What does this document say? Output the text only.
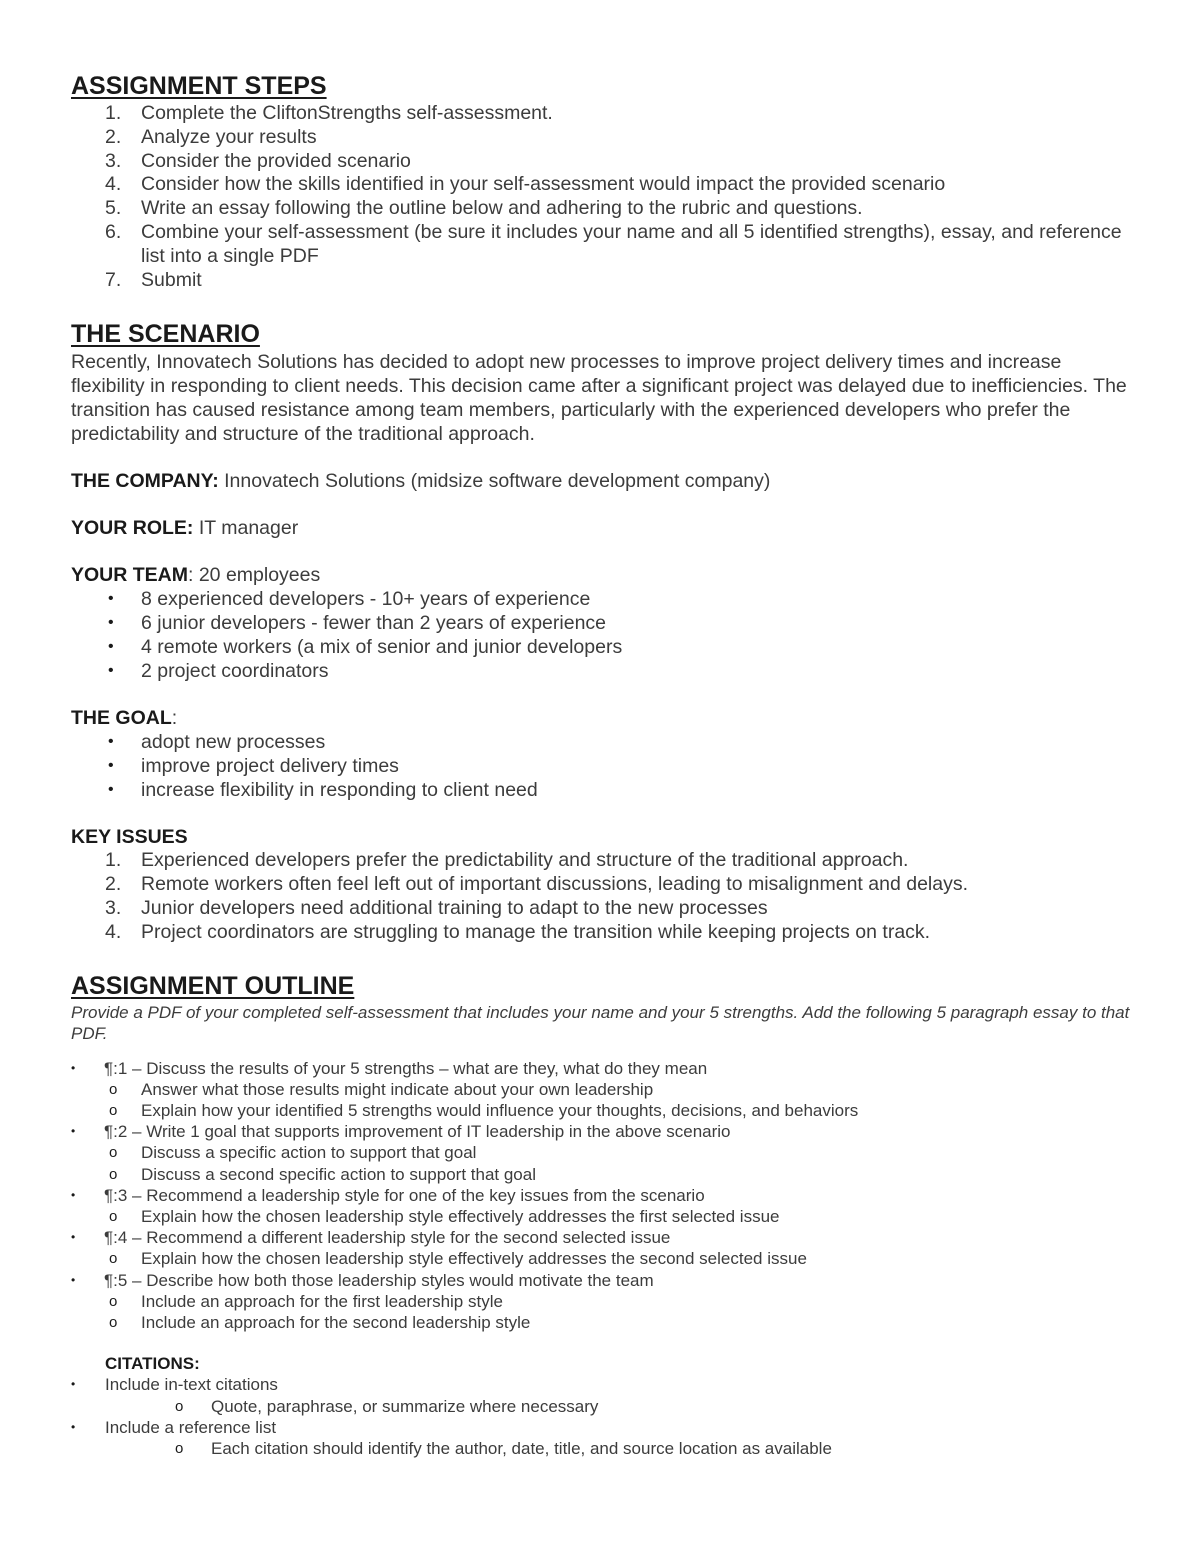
ASSIGNMENT STEPS
1. Complete the CliftonStrengths self-assessment.
2. Analyze your results
3. Consider the provided scenario
4. Consider how the skills identified in your self-assessment would impact the provided scenario
5. Write an essay following the outline below and adhering to the rubric and questions.
6. Combine your self-assessment (be sure it includes your name and all 5 identified strengths), essay, and reference list into a single PDF
7. Submit
THE SCENARIO

Recently, Innovatech Solutions has decided to adopt new processes to improve project delivery times and increase flexibility in responding to client needs. This decision came after a significant project was delayed due to inefficiencies. The transition has caused resistance among team members, particularly with the experienced developers who prefer the predictability and structure of the traditional approach.

THE COMPANY: Innovatech Solutions (midsize software development company)

YOUR ROLE: IT manager

YOUR TEAM: 20 employees

• 8 experienced developers - 10+ years of experience
• 6 junior developers - fewer than 2 years of experience
• 4 remote workers (a mix of senior and junior developers
• 2 project coordinators

THE GOAL:

• adopt new processes
• improve project delivery times
• increase flexibility in responding to client need

KEY ISSUES

1. Experienced developers prefer the predictability and structure of the traditional approach.
2. Remote workers often feel left out of important discussions, leading to misalignment and delays.
3. Junior developers need additional training to adapt to the new processes
4. Project coordinators are struggling to manage the transition while keeping projects on track.
ASSIGNMENT OUTLINE

Provide a PDF of your completed self-assessment that includes your name and your 5 strengths. Add the following 5 paragraph essay to that PDF.

• ¶:1 – Discuss the results of your 5 strengths – what are they, what do they mean
o Answer what those results might indicate about your own leadership
o Explain how your identified 5 strengths would influence your thoughts, decisions, and behaviors
• ¶:2 – Write 1 goal that supports improvement of IT leadership in the above scenario
o Discuss a specific action to support that goal
o Discuss a second specific action to support that goal
• ¶:3 – Recommend a leadership style for one of the key issues from the scenario
o Explain how the chosen leadership style effectively addresses the first selected issue
• ¶:4 – Recommend a different leadership style for the second selected issue
o Explain how the chosen leadership style effectively addresses the second selected issue
• ¶:5 – Describe how both those leadership styles would motivate the team
o Include an approach for the first leadership style
o Include an approach for the second leadership style
CITATIONS:
• Include in-text citations
o Quote, paraphrase, or summarize where necessary
• Include a reference list
o Each citation should identify the author, date, title, and source location as available
